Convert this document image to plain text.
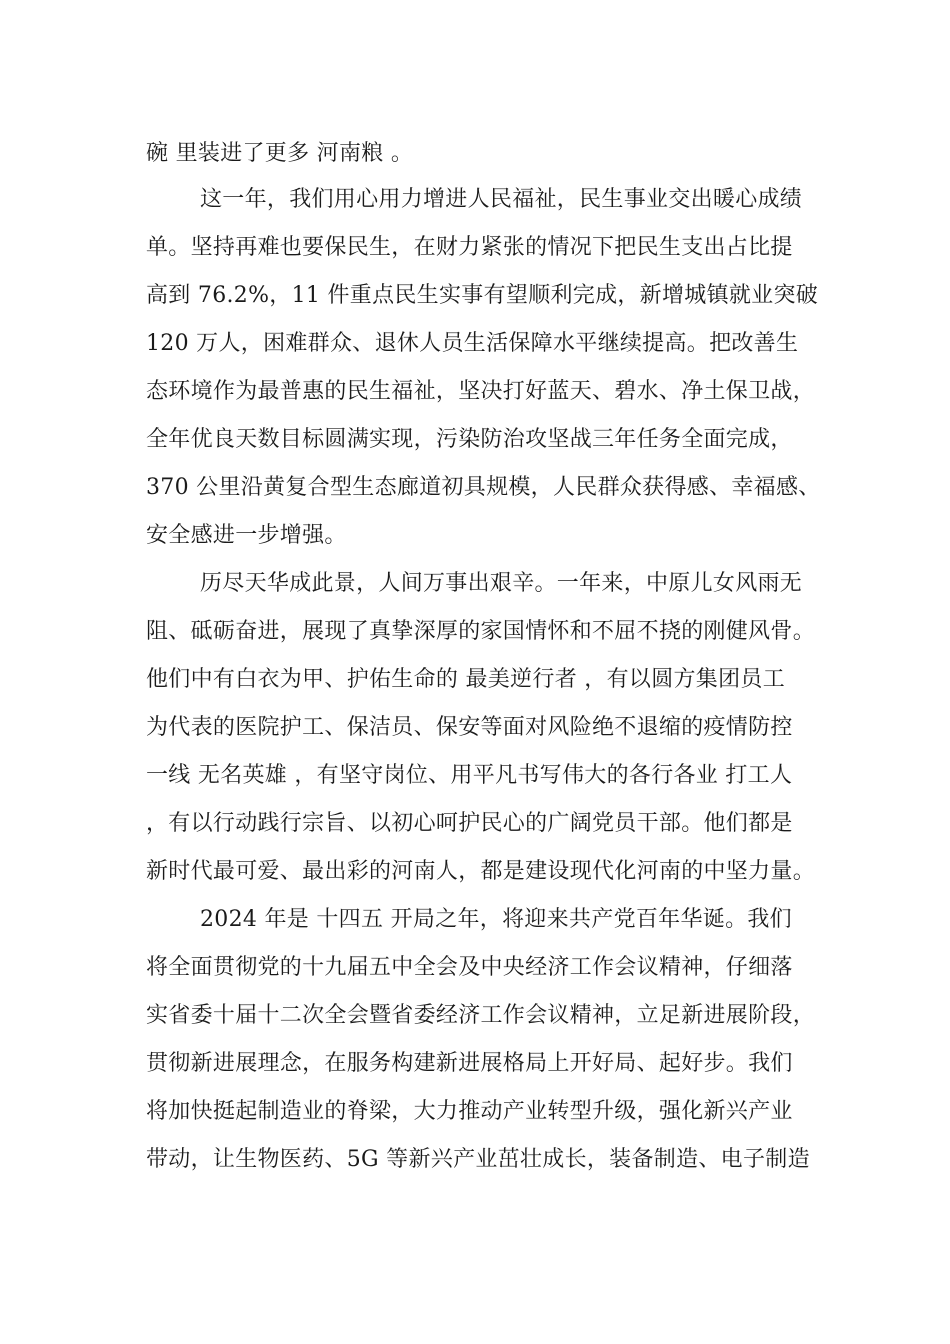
碗 里装进了更多 河南粮 。
这一年，我们用心用力增进人民福祉，民生事业交出暖心成绩
单。坚持再难也要保民生，在财力紧张的情况下把民生支出占比提
高到 76.2%，11 件重点民生实事有望顺利完成，新增城镇就业突破
120 万人，困难群众、退休人员生活保障水平继续提高。把改善生
态环境作为最普惠的民生福祉，坚决打好蓝天、碧水、净土保卫战，
全年优良天数目标圆满实现，污染防治攻坚战三年任务全面完成，
370 公里沿黄复合型生态廊道初具规模，人民群众获得感、幸福感、
安全感进一步增强。
历尽天华成此景，人间万事出艰辛。一年来，中原儿女风雨无
阻、砥砺奋进，展现了真挚深厚的家国情怀和不屈不挠的刚健风骨。
他们中有白衣为甲、护佑生命的 最美逆行者 ，有以圆方集团员工
为代表的医院护工、保洁员、保安等面对风险绝不退缩的疫情防控
一线 无名英雄 ，有坚守岗位、用平凡书写伟大的各行各业 打工人
，有以行动践行宗旨、以初心呵护民心的广阔党员干部。他们都是
新时代最可爱、最出彩的河南人，都是建设现代化河南的中坚力量。
2024 年是 十四五 开局之年，将迎来共产党百年华诞。我们
将全面贯彻党的十九届五中全会及中央经济工作会议精神，仔细落
实省委十届十二次全会暨省委经济工作会议精神，立足新进展阶段，
贯彻新进展理念，在服务构建新进展格局上开好局、起好步。我们
将加快挺起制造业的脊梁，大力推动产业转型升级，强化新兴产业
带动，让生物医药、5G 等新兴产业茁壮成长，装备制造、电子制造
